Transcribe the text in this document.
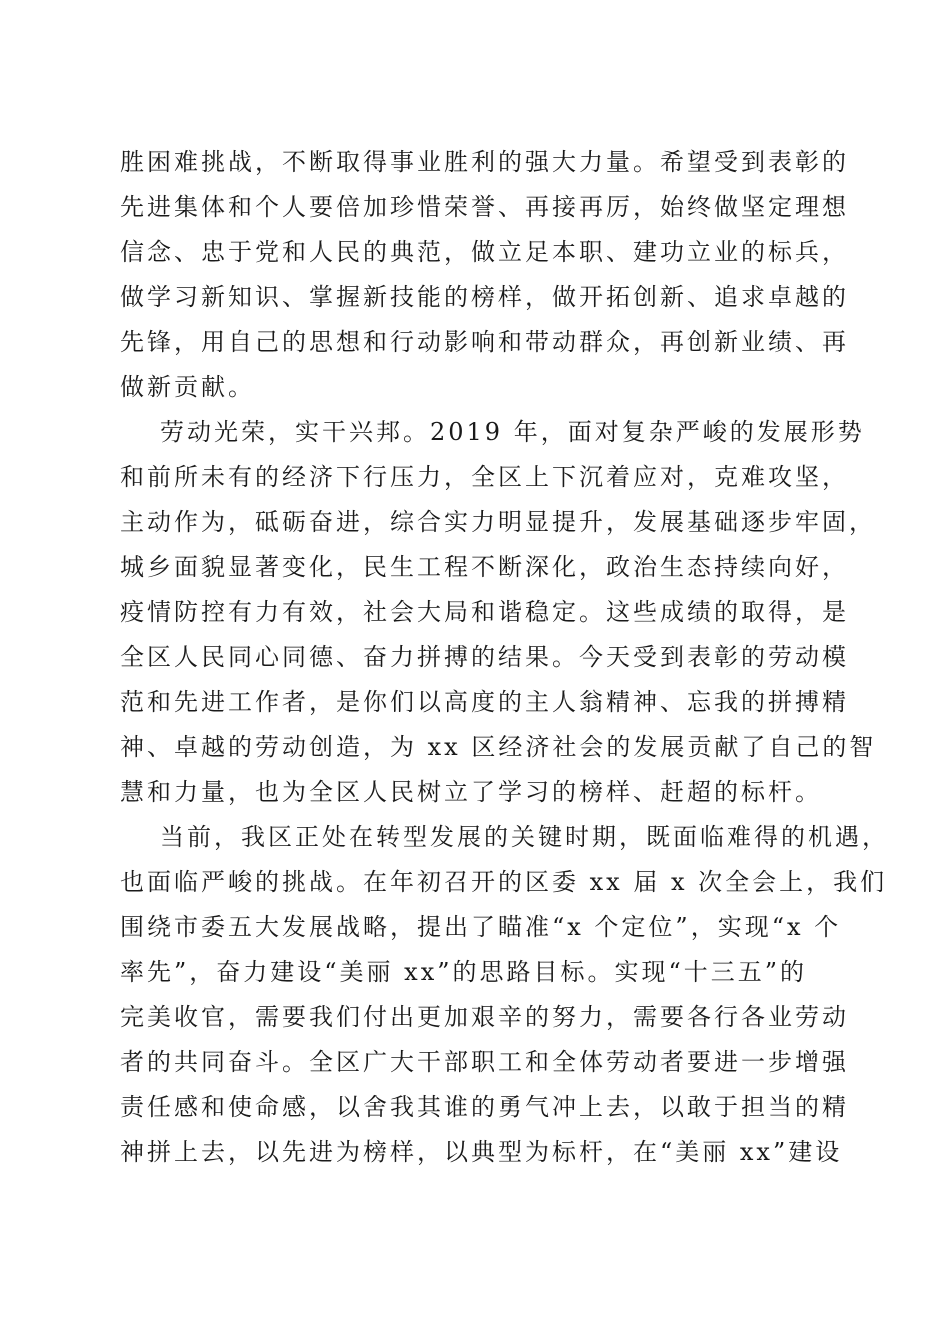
胜困难挑战，不断取得事业胜利的强大力量。希望受到表彰的

先进集体和个人要倍加珍惜荣誉、再接再厉，始终做坚定理想

信念、忠于党和人民的典范，做立足本职、建功立业的标兵，

做学习新知识、掌握新技能的榜样，做开拓创新、追求卓越的

先锋，用自己的思想和行动影响和带动群众，再创新业绩、再

做新贡献。

劳动光荣，实干兴邦。2019 年，面对复杂严峻的发展形势

和前所未有的经济下行压力，全区上下沉着应对，克难攻坚，

主动作为，砥砺奋进，综合实力明显提升，发展基础逐步牢固，

城乡面貌显著变化，民生工程不断深化，政治生态持续向好，

疫情防控有力有效，社会大局和谐稳定。这些成绩的取得，是

全区人民同心同德、奋力拼搏的结果。今天受到表彰的劳动模

范和先进工作者，是你们以高度的主人翁精神、忘我的拼搏精

神、卓越的劳动创造，为 xx 区经济社会的发展贡献了自己的智

慧和力量，也为全区人民树立了学习的榜样、赶超的标杆。

当前，我区正处在转型发展的关键时期，既面临难得的机遇，

也面临严峻的挑战。在年初召开的区委 xx 届 x 次全会上，我们

围绕市委五大发展战略，提出了瞄准“x 个定位”，实现“x 个

率先”，奋力建设“美丽 xx”的思路目标。实现“十三五”的

完美收官，需要我们付出更加艰辛的努力，需要各行各业劳动

者的共同奋斗。全区广大干部职工和全体劳动者要进一步增强

责任感和使命感，以舍我其谁的勇气冲上去，以敢于担当的精

神拼上去，以先进为榜样，以典型为标杆，在“美丽 xx”建设
